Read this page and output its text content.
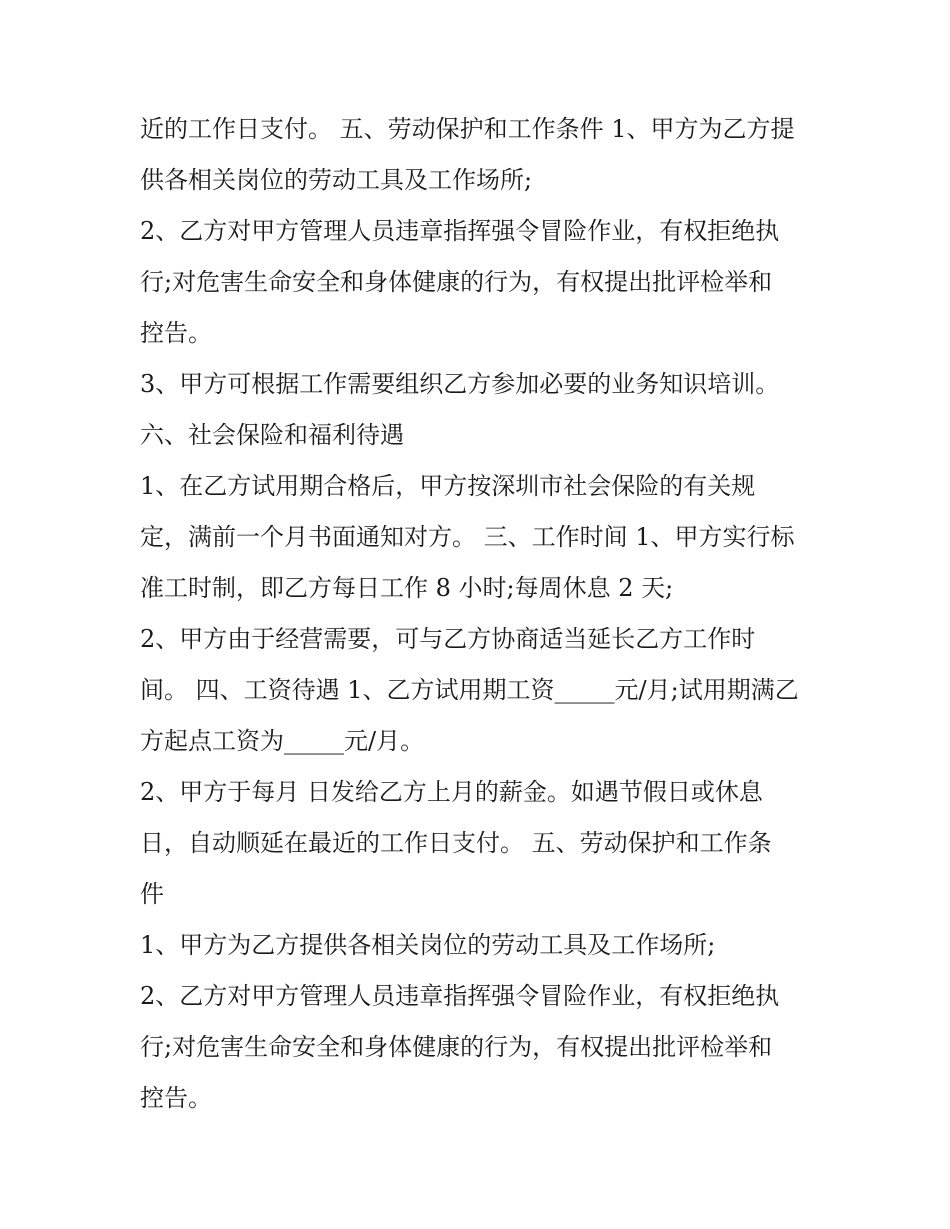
近的工作日支付。 五、劳动保护和工作条件 1、甲方为乙方提
供各相关岗位的劳动工具及工作场所;
2、乙方对甲方管理人员违章指挥强令冒险作业，有权拒绝执
行;对危害生命安全和身体健康的行为，有权提出批评检举和
控告。
3、甲方可根据工作需要组织乙方参加必要的业务知识培训。
六、社会保险和福利待遇
1、在乙方试用期合格后，甲方按深圳市社会保险的有关规
定，满前一个月书面通知对方。 三、工作时间 1、甲方实行标
准工时制，即乙方每日工作 8 小时;每周休息 2 天;
2、甲方由于经营需要，可与乙方协商适当延长乙方工作时
间。 四、工资待遇 1、乙方试用期工资_____元/月;试用期满乙
方起点工资为_____元/月。
2、甲方于每月 日发给乙方上月的薪金。如遇节假日或休息
日，自动顺延在最近的工作日支付。 五、劳动保护和工作条
件
1、甲方为乙方提供各相关岗位的劳动工具及工作场所;
2、乙方对甲方管理人员违章指挥强令冒险作业，有权拒绝执
行;对危害生命安全和身体健康的行为，有权提出批评检举和
控告。
